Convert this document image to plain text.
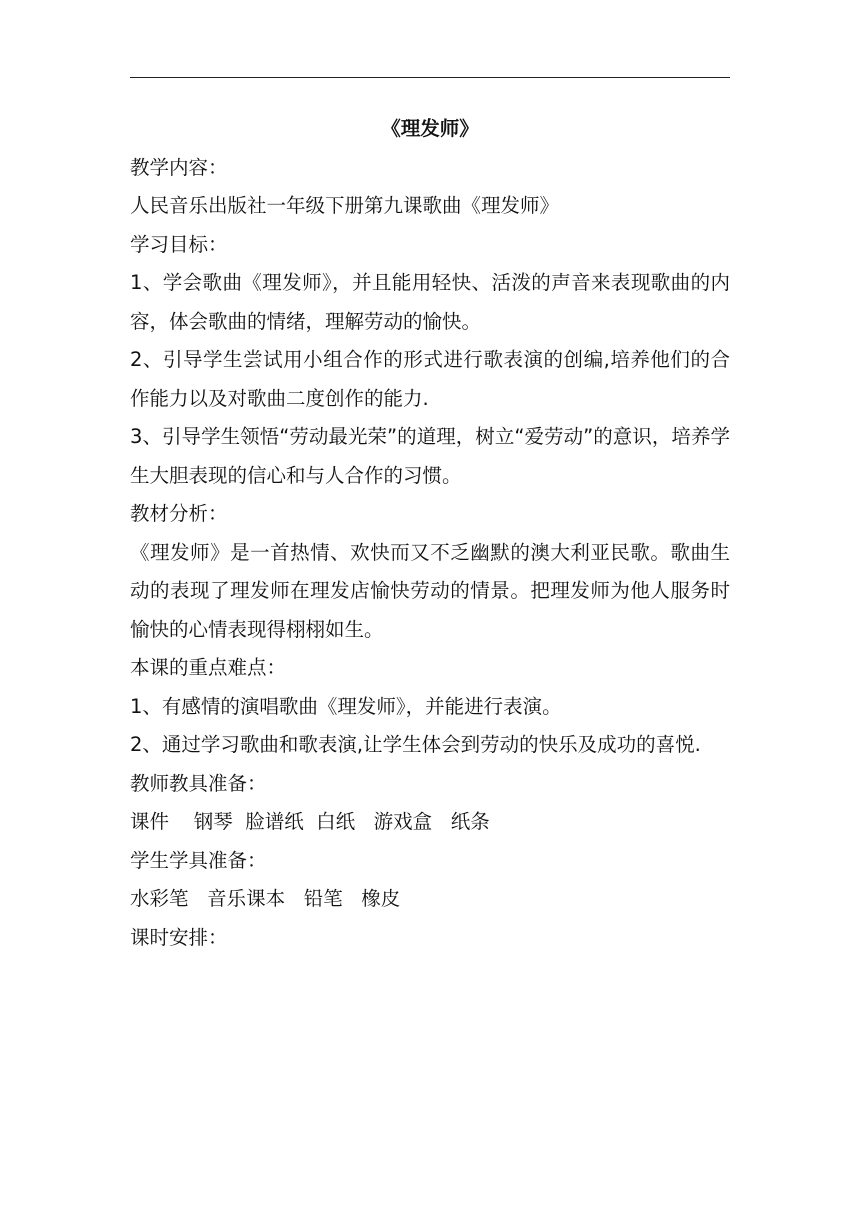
《理发师》
教学内容：
人民音乐出版社一年级下册第九课歌曲《理发师》
学习目标：
1、学会歌曲《理发师》，并且能用轻快、活泼的声音来表现歌曲的内容，体会歌曲的情绪，理解劳动的愉快。
2、引导学生尝试用小组合作的形式进行歌表演的创编,培养他们的合作能力以及对歌曲二度创作的能力.
3、引导学生领悟“劳动最光荣”的道理，树立“爱劳动”的意识，培养学生大胆表现的信心和与人合作的习惯。
教材分析：
《理发师》是一首热情、欢快而又不乏幽默的澳大利亚民歌。歌曲生动的表现了理发师在理发店愉快劳动的情景。把理发师为他人服务时愉快的心情表现得栩栩如生。
本课的重点难点：
1、有感情的演唱歌曲《理发师》，并能进行表演。
2、通过学习歌曲和歌表演,让学生体会到劳动的快乐及成功的喜悦.
教师教具准备：
课件    钢琴  脸谱纸  白纸   游戏盒   纸条
学生学具准备：
水彩笔   音乐课本   铅笔   橡皮
课时安排：
